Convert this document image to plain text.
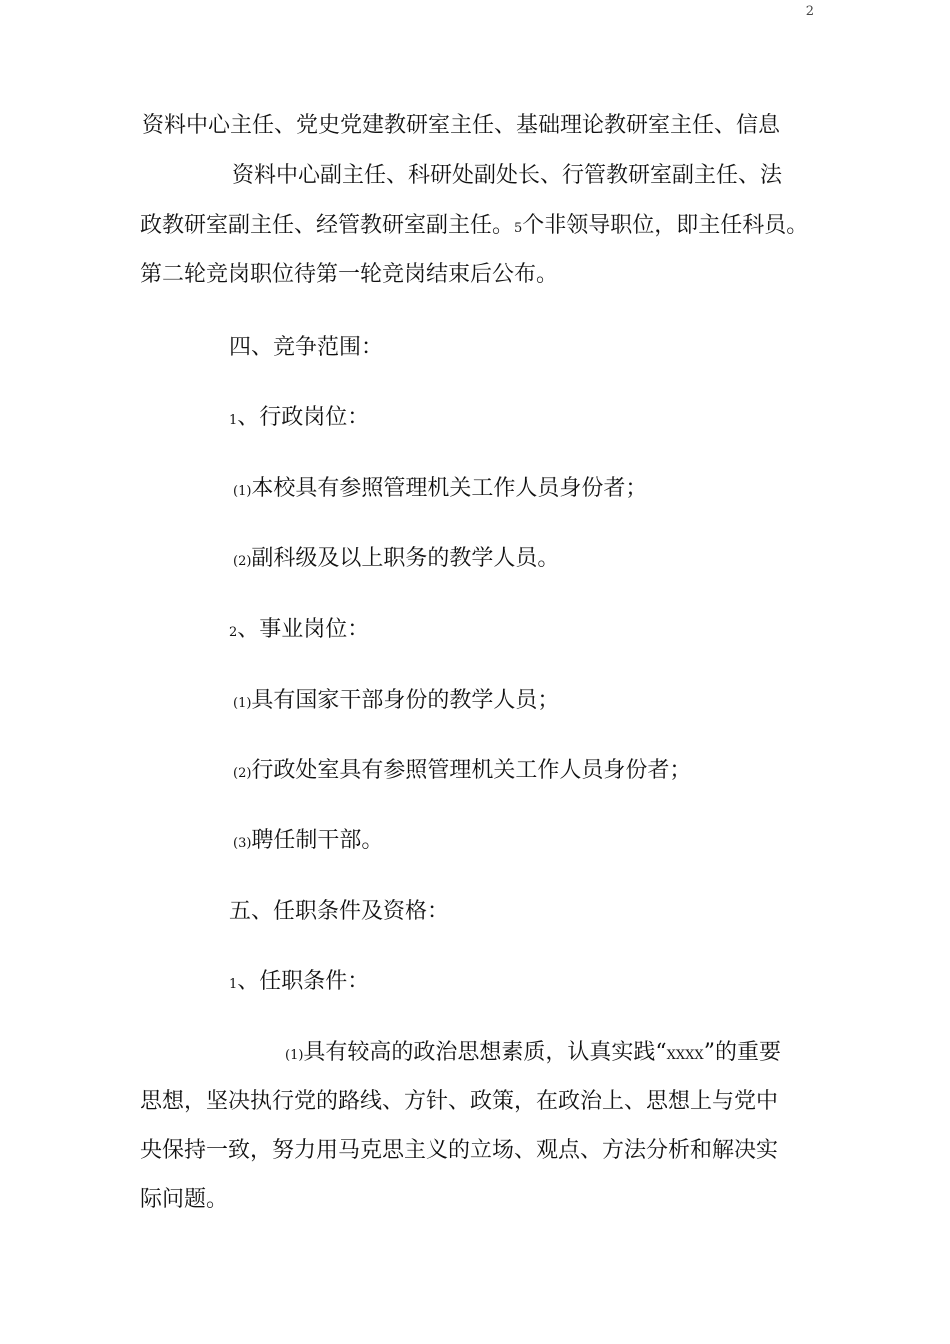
2
资料中心主任、党史党建教研室主任、基础理论教研室主任、信息
资料中心副主任、科研处副处长、行管教研室副主任、法
政教研室副主任、经管教研室副主任。5个非领导职位，即主任科员。
第二轮竞岗职位待第一轮竞岗结束后公布。
四、竞争范围：
1、行政岗位：
(1)本校具有参照管理机关工作人员身份者；
(2)副科级及以上职务的教学人员。
2、事业岗位：
(1)具有国家干部身份的教学人员；
(2)行政处室具有参照管理机关工作人员身份者；
(3)聘任制干部。
五、任职条件及资格：
1、任职条件：
(1)具有较高的政治思想素质，认真实践“XXXX”的重要
思想，坚决执行党的路线、方针、政策，在政治上、思想上与党中
央保持一致，努力用马克思主义的立场、观点、方法分析和解决实
际问题。
